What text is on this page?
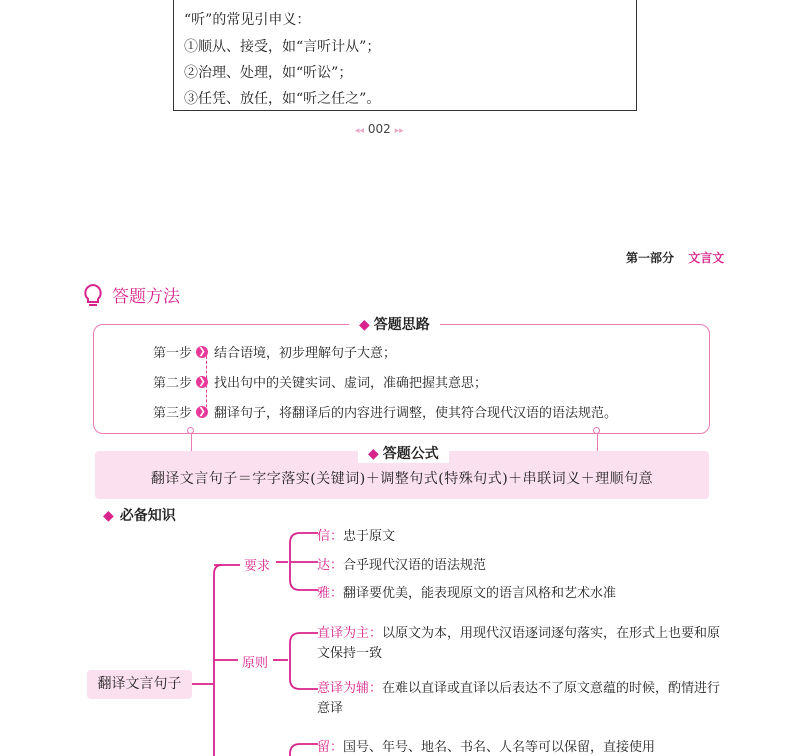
“听”的常见引申义：
①顺从、接受，如“言听计从”；
②治理、处理，如“听讼”；
③任凭、放任，如“听之任之”。
◂◂ 002 ▸▸
第一部分 文言文
答题方法
◆ 答题思路
第一步 ❯ 结合语境，初步理解句子大意；
第二步 ❯ 找出句中的关键实词、虚词，准确把握其意思；
第三步 ❯ 翻译句子，将翻译后的内容进行调整，使其符合现代汉语的语法规范。
◆ 答题公式
翻译文言句子＝字字落实(关键词)＋调整句式(特殊句式)＋串联词义＋理顺句意
◆ 必备知识
翻译文言句子
要求
信：忠于原文
达：合乎现代汉语的语法规范
雅：翻译要优美，能表现原文的语言风格和艺术水准
原则
直译为主：以原文为本，用现代汉语逐词逐句落实，在形式上也要和原文保持一致
意译为辅：在难以直译或直译以后表达不了原文意蕴的时候，酌情进行意译
留：国号、年号、地名、书名、人名等可以保留，直接使用
